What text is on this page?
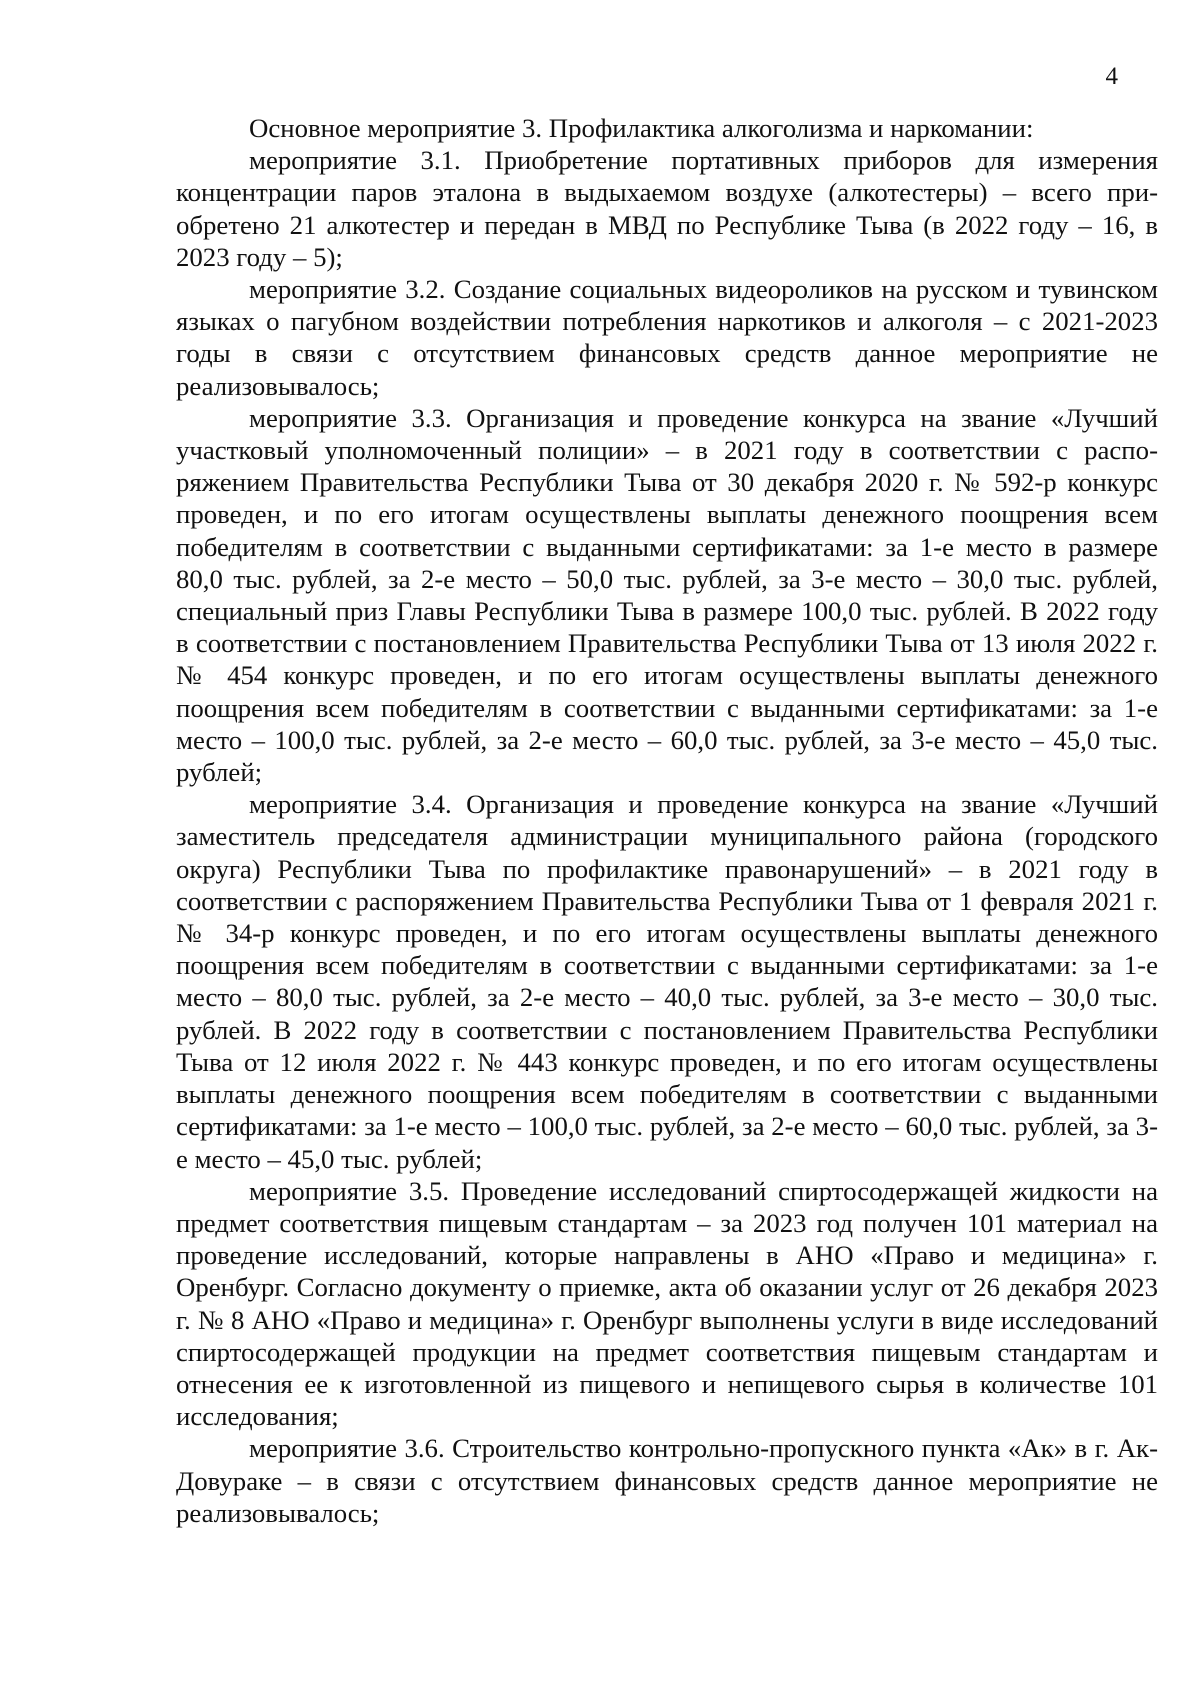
4

Основное мероприятие 3. Профилактика алкоголизма и наркомании:

мероприятие 3.1. Приобретение портативных приборов для измерения концентрации паров эталона в выдыхаемом воздухе (алкотестеры) – всего приобретено 21 алкотестер и передан в МВД по Республике Тыва (в 2022 году – 16, в 2023 году – 5);

мероприятие 3.2. Создание социальных видеороликов на русском и тувинском языках о пагубном воздействии потребления наркотиков и алкоголя – с 2021-2023 годы в связи с отсутствием финансовых средств данное мероприятие не реализовывалось;

мероприятие 3.3. Организация и проведение конкурса на звание «Лучший участковый уполномоченный полиции» – в 2021 году в соответствии с распоряжением Правительства Республики Тыва от 30 декабря 2020 г. № 592-р конкурс проведен, и по его итогам осуществлены выплаты денежного поощрения всем победителям в соответствии с выданными сертификатами: за 1-е место в размере 80,0 тыс. рублей, за 2-е место – 50,0 тыс. рублей, за 3-е место – 30,0 тыс. рублей, специальный приз Главы Республики Тыва в размере 100,0 тыс. рублей. В 2022 году в соответствии с постановлением Правительства Республики Тыва от 13 июля 2022 г. № 454 конкурс проведен, и по его итогам осуществлены выплаты денежного поощрения всем победителям в соответствии с выданными сертификатами: за 1-е место – 100,0 тыс. рублей, за 2-е место – 60,0 тыс. рублей, за 3-е место – 45,0 тыс. рублей;

мероприятие 3.4. Организация и проведение конкурса на звание «Лучший заместитель председателя администрации муниципального района (городского округа) Республики Тыва по профилактике правонарушений» – в 2021 году в соответствии с распоряжением Правительства Республики Тыва от 1 февраля 2021 г. № 34-р конкурс проведен, и по его итогам осуществлены выплаты денежного поощрения всем победителям в соответствии с выданными сертификатами: за 1-е место – 80,0 тыс. рублей, за 2-е место – 40,0 тыс. рублей, за 3-е место – 30,0 тыс. рублей. В 2022 году в соответствии с постановлением Правительства Республики Тыва от 12 июля 2022 г. № 443 конкурс проведен, и по его итогам осуществлены выплаты денежного поощрения всем победителям в соответствии с выданными сертификатами: за 1-е место – 100,0 тыс. рублей, за 2-е место – 60,0 тыс. рублей, за 3-е место – 45,0 тыс. рублей;

мероприятие 3.5. Проведение исследований спиртосодержащей жидкости на предмет соответствия пищевым стандартам – за 2023 год получен 101 материал на проведение исследований, которые направлены в АНО «Право и медицина» г. Оренбург. Согласно документу о приемке, акта об оказании услуг от 26 декабря 2023 г. № 8 АНО «Право и медицина» г. Оренбург выполнены услуги в виде исследований спиртосодержащей продукции на предмет соответствия пищевым стандартам и отнесения ее к изготовленной из пищевого и непищевого сырья в количестве 101 исследования;

мероприятие 3.6. Строительство контрольно-пропускного пункта «Ак» в г. Ак-Довураке – в связи с отсутствием финансовых средств данное мероприятие не реализовывалось;
